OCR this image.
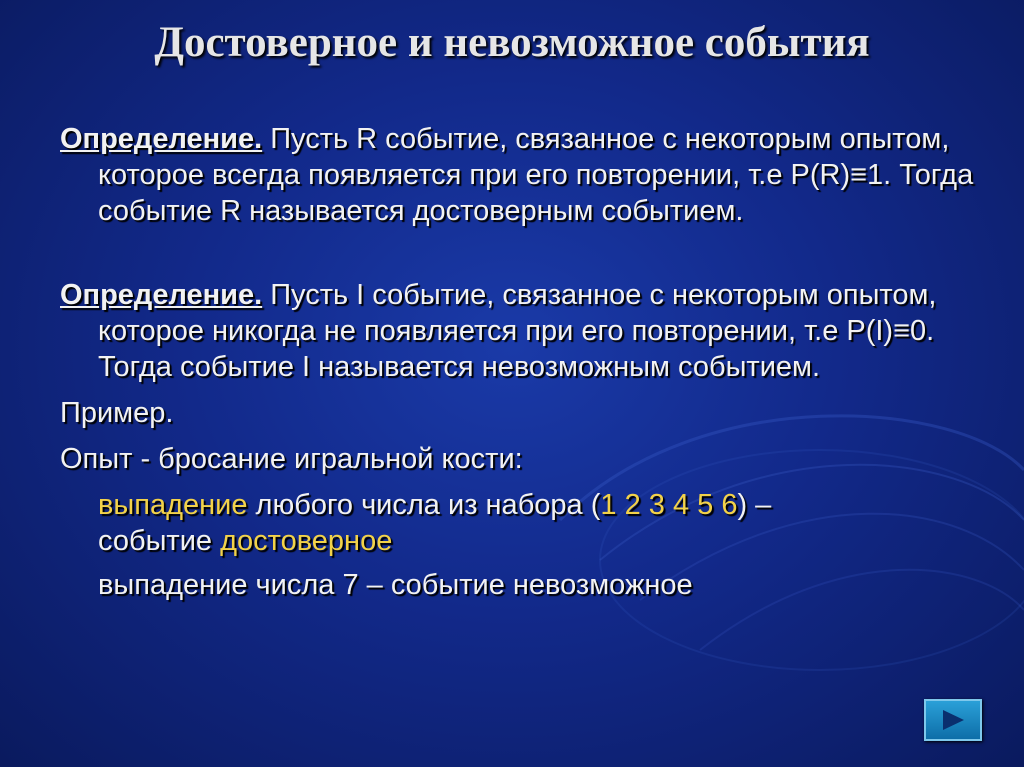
Достоверное и невозможное события

Определение. Пусть R событие, связанное с некоторым опытом, которое всегда появляется при его повторении, т.е P(R)≡1. Тогда событие R называется достоверным событием.

Определение. Пусть I событие, связанное с некоторым опытом, которое никогда не появляется при его повторении, т.е P(I)≡0. Тогда событие I называется невозможным событием.

Пример.

Опыт - бросание игральной кости:

выпадение любого числа из набора (1 2 3 4 5 6) –
событие достоверное

выпадение числа 7 – событие невозможное
